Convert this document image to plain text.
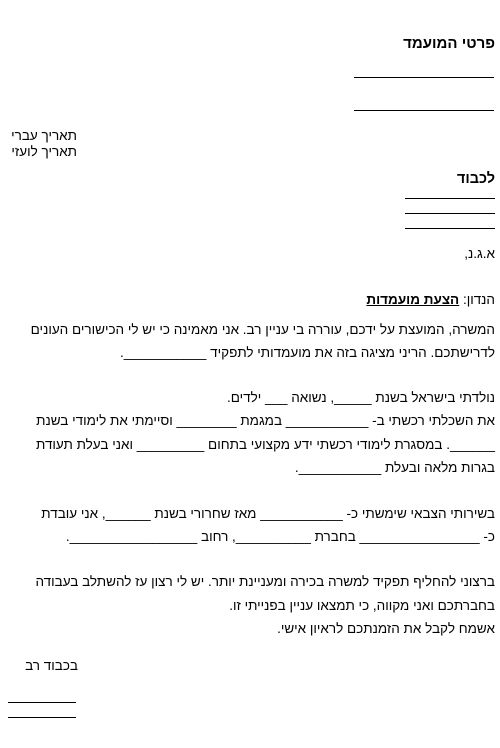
פרטי המועמד
תאריך עברי
תאריך לועזי
לכבוד
א.ג.נ,
הנדון: הצעת מועמדות
המשרה, המועצת על ידכם, עוררה בי עניין רב. אני מאמינה כי יש לי הכישורים העונים
לדרישתכם. הריני מציגה בזה את מועמדותי לתפקיד ___________.
נולדתי בישראל בשנת _____, נשואה ___ ילדים.
את השכלתי רכשתי ב- ___________ במגמת ________ וסיימתי את לימודי בשנת
______. במסגרת לימודי רכשתי ידע מקצועי בתחום _________ ואני בעלת תעודת
בגרות מלאה ובעלת ___________.
בשירותי הצבאי שימשתי כ- ___________ מאז שחרורי בשנת ______, אני עובדת
כ- ________________ בחברת __________, רחוב _________________.
ברצוני להחליף תפקיד למשרה בכירה ומעניינת יותר. יש לי רצון עז להשתלב בעבודה
בחברתכם ואני מקווה, כי תמצאו עניין בפנייתי זו.
אשמח לקבל את הזמנתכם לראיון אישי.
בכבוד רב
